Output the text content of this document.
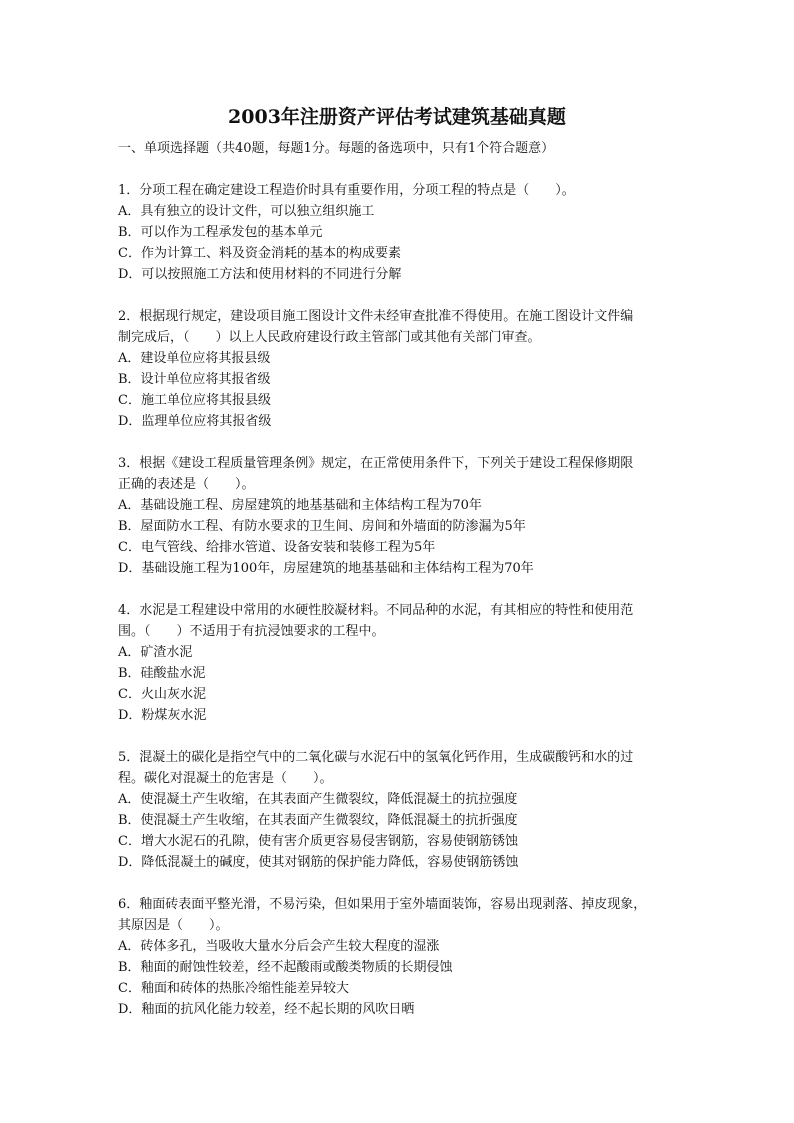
2003年注册资产评估考试建筑基础真题
一、单项选择题（共40题，每题1分。每题的备选项中，只有1个符合题意）
1．分项工程在确定建设工程造价时具有重要作用，分项工程的特点是（　　）。
A．具有独立的设计文件，可以独立组织施工
B．可以作为工程承发包的基本单元
C．作为计算工、料及资金消耗的基本的构成要素
D．可以按照施工方法和使用材料的不同进行分解
2．根据现行规定，建设项目施工图设计文件未经审查批准不得使用。在施工图设计文件编
制完成后，（　　）以上人民政府建设行政主管部门或其他有关部门审查。
A．建设单位应将其报县级
B．设计单位应将其报省级
C．施工单位应将其报县级
D．监理单位应将其报省级
3．根据《建设工程质量管理条例》规定，在正常使用条件下，下列关于建设工程保修期限
正确的表述是（　　）。
A．基础设施工程、房屋建筑的地基基础和主体结构工程为70年
B．屋面防水工程、有防水要求的卫生间、房间和外墙面的防渗漏为5年
C．电气管线、给排水管道、设备安装和装修工程为5年
D．基础设施工程为100年，房屋建筑的地基基础和主体结构工程为70年
4．水泥是工程建设中常用的水硬性胶凝材料。不同品种的水泥，有其相应的特性和使用范
围。（　　）不适用于有抗浸蚀要求的工程中。
A．矿渣水泥
B．硅酸盐水泥
C．火山灰水泥
D．粉煤灰水泥
5．混凝土的碳化是指空气中的二氧化碳与水泥石中的氢氧化钙作用，生成碳酸钙和水的过
程。碳化对混凝土的危害是（　　）。
A．使混凝土产生收缩，在其表面产生微裂纹，降低混凝土的抗拉强度
B．使混凝土产生收缩，在其表面产生微裂纹，降低混凝土的抗折强度
C．增大水泥石的孔隙，使有害介质更容易侵害钢筋，容易使钢筋锈蚀
D．降低混凝土的碱度，使其对钢筋的保护能力降低，容易使钢筋锈蚀
6．釉面砖表面平整光滑，不易污染，但如果用于室外墙面装饰，容易出现剥落、掉皮现象，
其原因是（　　）。
A．砖体多孔，当吸收大量水分后会产生较大程度的湿涨
B．釉面的耐蚀性较差，经不起酸雨或酸类物质的长期侵蚀
C．釉面和砖体的热胀冷缩性能差异较大
D．釉面的抗风化能力较差，经不起长期的风吹日晒
